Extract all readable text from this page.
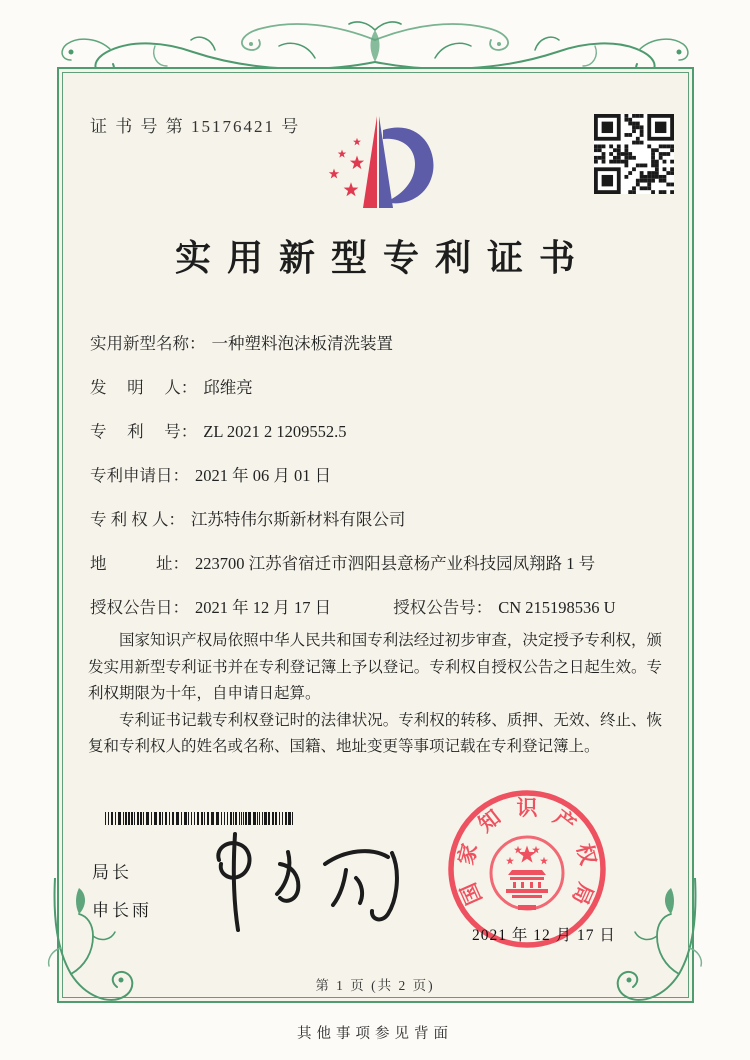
证 书 号 第 15176421 号
实用新型专利证书
实用新型名称： 一种塑料泡沫板清洗装置
发　 明　 人： 邱维亮
专　 利　 号： ZL 2021 2 1209552.5
专利申请日： 2021 年 06 月 01 日
专 利 权 人： 江苏特伟尔斯新材料有限公司
地　　　址： 223700 江苏省宿迁市泗阳县意杨产业科技园凤翔路 1 号
授权公告日： 2021 年 12 月 17 日	授权公告号： CN 215198536 U

国家知识产权局依照中华人民共和国专利法经过初步审查，决定授予专利权，颁发实用新型专利证书并在专利登记簿上予以登记。专利权自授权公告之日起生效。专利权期限为十年，自申请日起算。

专利证书记载专利权登记时的法律状况。专利权的转移、质押、无效、终止、恢复和专利权人的姓名或名称、国籍、地址变更等事项记载在专利登记簿上。

局长
申长雨
国
家
知 识 产
权
局
2021 年 12 月 17 日
第 1 页 (共 2 页)
其他事项参见背面
